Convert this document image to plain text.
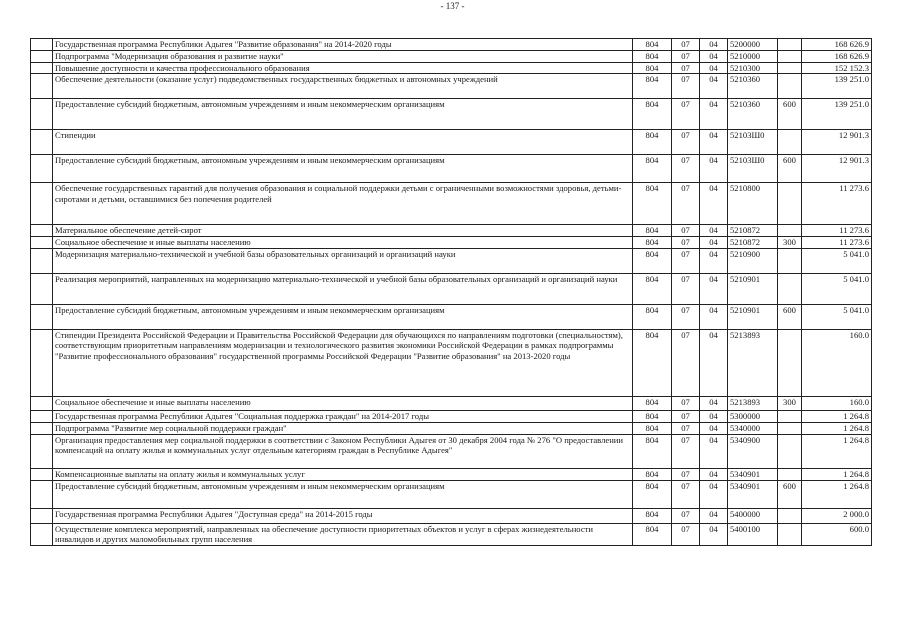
- 137 -
	Государственная программа Республики Адыгея "Развитие образования" на 2014-2020 годы	804	07	04	5200000		168 626.9
	Подпрограмма "Модернизация образования и развитие науки"	804	07	04	5210000		168 626.9
	Повышение доступности и качества профессионального образования	804	07	04	5210300		152 152.3
	Обеспечение деятельности (оказание услуг) подведомственных государственных бюджетных и автономных учреждений	804	07	04	5210360		139 251.0
	Предоставление субсидий бюджетным, автономным учреждениям и иным некоммерческим организациям	804	07	04	5210360	600	139 251.0
	Стипендии	804	07	04	52103Ш0		12 901.3
	Предоставление субсидий бюджетным, автономным учреждениям и иным некоммерческим организациям	804	07	04	52103Ш0	600	12 901.3
	Обеспечение государственных гарантий для получения образования и социальной поддержки детьми с ограниченными возможностями здоровья, детьми-сиротами и детьми, оставшимися без попечения родителей	804	07	04	5210800		11 273.6
	Материальное обеспечение детей-сирот	804	07	04	5210872		11 273.6
	Социальное обеспечение и иные выплаты населению	804	07	04	5210872	300	11 273.6
	Модернизация материально-технической и учебной базы образовательных организаций и организаций науки	804	07	04	5210900		5 041.0
	Реализация мероприятий, направленных на модернизацию материально-технической и учебной базы образовательных организаций и организаций науки	804	07	04	5210901		5 041.0
	Предоставление субсидий бюджетным, автономным учреждениям и иным некоммерческим организациям	804	07	04	5210901	600	5 041.0
	Стипендии Президента Российской Федерации и Правительства Российской Федерации для обучающихся по направлениям подготовки (специальностям), соответствующим приоритетным направлениям модернизации и технологического развития экономики Российской Федерации в рамках подпрограммы "Развитие профессионального образования" государственной программы Российской Федерации "Развитие образования" на 2013-2020 годы	804	07	04	5213893		160.0
	Социальное обеспечение и иные выплаты населению	804	07	04	5213893	300	160.0
	Государственная программа Республики Адыгея "Социальная поддержка граждан" на 2014-2017 годы	804	07	04	5300000		1 264.8
	Подпрограмма "Развитие мер социальной поддержки граждан"	804	07	04	5340000		1 264.8
	Организация предоставления мер социальной поддержки в соответствии с Законом Республики Адыгея от 30 декабря 2004 года № 276 "О предоставлении компенсаций на оплату жилья и коммунальных услуг отдельным категориям граждан в Республике Адыгея"	804	07	04	5340900		1 264.8
	Компенсационные выплаты на оплату жилья и коммунальных услуг	804	07	04	5340901		1 264.8
	Предоставление субсидий бюджетным, автономным учреждениям и иным некоммерческим организациям	804	07	04	5340901	600	1 264.8
	Государственная программа Республики Адыгея "Доступная среда" на 2014-2015 годы	804	07	04	5400000		2 000.0
	Осуществление комплекса мероприятий, направленных на обеспечение доступности приоритетных объектов и услуг в сферах жизнедеятельности инвалидов и других маломобильных групп населения	804	07	04	5400100		600.0
